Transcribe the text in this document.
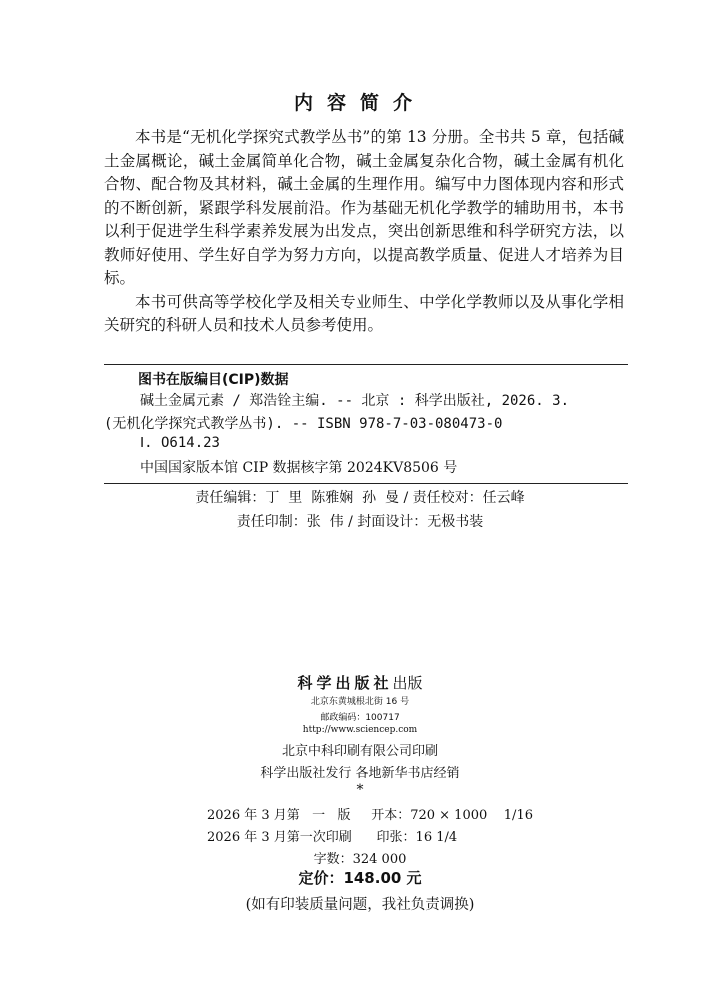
内容简介

本书是“无机化学探究式教学丛书”的第 13 分册。全书共 5 章，包括碱土金属概论，碱土金属简单化合物，碱土金属复杂化合物，碱土金属有机化合物、配合物及其材料，碱土金属的生理作用。编写中力图体现内容和形式的不断创新，紧跟学科发展前沿。作为基础无机化学教学的辅助用书，本书以利于促进学生科学素养发展为出发点，突出创新思维和科学研究方法，以教师好使用、学生好自学为努力方向，以提高教学质量、促进人才培养为目标。

本书可供高等学校化学及相关专业师生、中学化学教师以及从事化学相关研究的科研人员和技术人员参考使用。

图书在版编目(CIP)数据
碱土金属元素 / 郑浩铨主编. -- 北京 : 科学出版社, 2026. 3.
(无机化学探究式教学丛书). -- ISBN 978-7-03-080473-0
Ⅰ. O614.23
中国国家版本馆 CIP 数据核字第 2024KV8506 号
责任编辑：丁  里  陈雅娴  孙  曼 / 责任校对：任云峰
责任印制：张  伟 / 封面设计：无极书装
科学出版社出版
北京东黄城根北街 16 号
邮政编码：100717
http://www.sciencep.com
北京中科印刷有限公司印刷
科学出版社发行 各地新华书店经销
*
2026 年 3 月第   一   版     开本：720 × 1000    1/16
2026 年 3 月第一次印刷      印张：16 1/4
字数：324 000
定价：148.00 元
(如有印装质量问题，我社负责调换)
